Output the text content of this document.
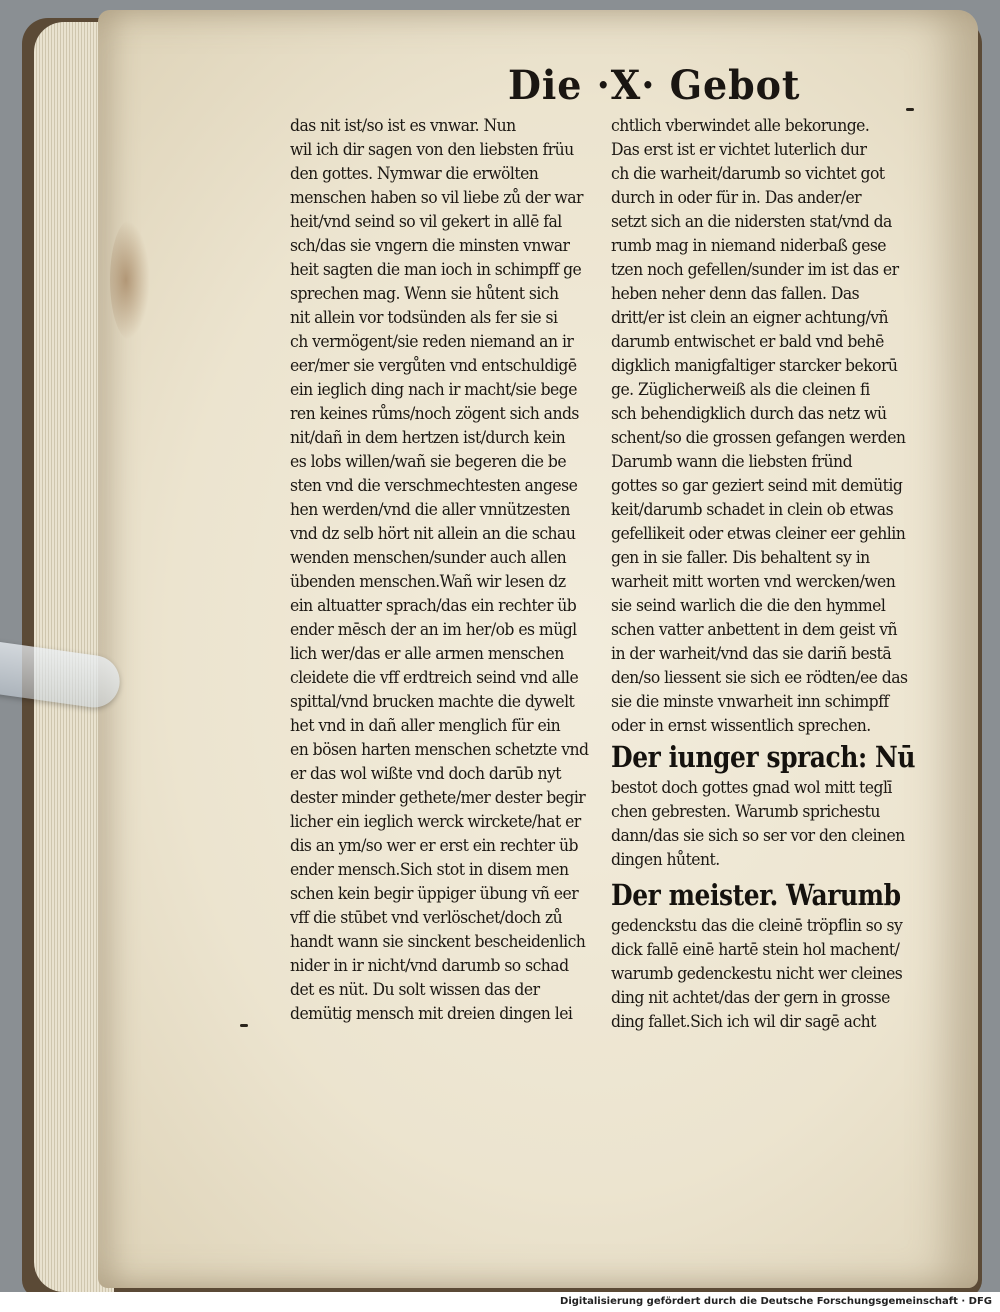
Die ·X· Gebot
das nit ist/so ist es vnwar. Nun
wil ich dir sagen von den liebsten früu
den gottes. Nymwar die erwölten
menschen haben so vil liebe zů der war
heit/vnd seind so vil gekert in allē fal
sch/das sie vngern die minsten vnwar
heit sagten die man ioch in schimpff ge
sprechen mag. Wenn sie hůtent sich
nit allein vor todsünden als fer sie si
ch vermögent/sie reden niemand an ir
eer/mer sie vergůten vnd entschuldigē
ein ieglich ding nach ir macht/sie bege
ren keines růms/noch zögent sich ands
nit/dañ in dem hertzen ist/durch kein
es lobs willen/wañ sie begeren die be
sten vnd die verschmechtesten angese
hen werden/vnd die aller vnnützesten
vnd dz selb hört nit allein an die schau
wenden menschen/sunder auch allen
übenden menschen.Wañ wir lesen dz
ein altuatter sprach/das ein rechter üb
ender mēsch der an im her/ob es mügl
lich wer/das er alle armen menschen
cleidete die vff erdtreich seind vnd alle
spittal/vnd brucken machte die dywelt
het vnd in dañ aller menglich für ein
en bösen harten menschen schetzte vnd
er das wol wißte vnd doch darūb nyt
dester minder gethete/mer dester begir
licher ein ieglich werck wirckete/hat er
dis an ym/so wer er erst ein rechter üb
ender mensch.Sich stot in disem men
schen kein begir üppiger übung vñ eer
vff die stūbet vnd verlöschet/doch zů
handt wann sie sinckent bescheidenlich
nider in ir nicht/vnd darumb so schad
det es nüt. Du solt wissen das der
demütig mensch mit dreien dingen lei
chtlich vberwindet alle bekorunge.
Das erst ist er vichtet luterlich dur
ch die warheit/darumb so vichtet got
durch in oder für in. Das ander/er
setzt sich an die nidersten stat/vnd da
rumb mag in niemand niderbaß gese
tzen noch gefellen/sunder im ist das er
heben neher denn das fallen. Das
dritt/er ist clein an eigner achtung/vñ
darumb entwischet er bald vnd behē
digklich manigfaltiger starcker bekorū
ge. Züglicherweiß als die cleinen fi
sch behendigklich durch das netz wü
schent/so die grossen gefangen werden
Darumb wann die liebsten fründ
gottes so gar geziert seind mit demütig
keit/darumb schadet in clein ob etwas
gefellikeit oder etwas cleiner eer gehlin
gen in sie faller. Dis behaltent sy in
warheit mitt worten vnd wercken/wen
sie seind warlich die die den hymmel
schen vatter anbettent in dem geist vñ
in der warheit/vnd das sie dariñ bestā
den/so liessent sie sich ee rödten/ee das
sie die minste vnwarheit inn schimpff
oder in ernst wissentlich sprechen.
Der iunger sprach: Nū
bestot doch gottes gnad wol mitt teglī
chen gebresten. Warumb sprichestu
dann/das sie sich so ser vor den cleinen
dingen hůtent.
Der meister. Warumb
gedenckstu das die cleinē tröpflin so sy
dick fallē einē hartē stein hol machent/
warumb gedenckestu nicht wer cleines
ding nit achtet/das der gern in grosse
ding fallet.Sich ich wil dir sagē acht
Digitalisierung gefördert durch die Deutsche Forschungsgemeinschaft · DFG
